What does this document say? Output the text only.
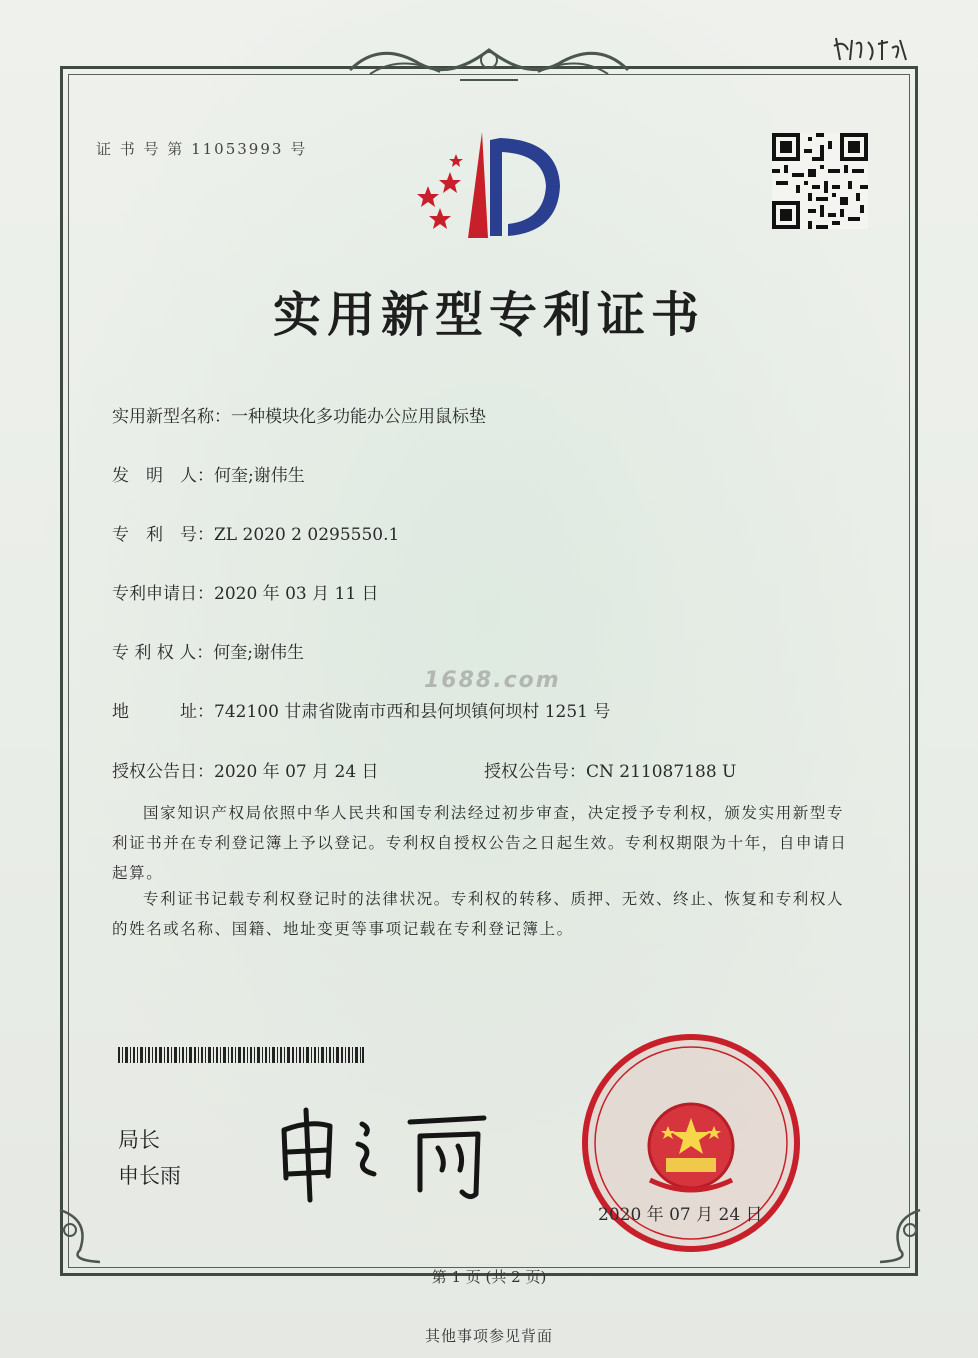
证 书 号 第 11053993 号
实用新型专利证书
实用新型名称：一种模块化多功能办公应用鼠标垫
发　明　人：何奎;谢伟生
专　利　号：ZL 2020 2 0295550.1
专利申请日：2020 年 03 月 11 日
专 利 权 人：何奎;谢伟生
1688.com
地　　　址：742100 甘肃省陇南市西和县何坝镇何坝村 1251 号
授权公告日：2020 年 07 月 24 日	授权公告号：CN 211087188 U
国家知识产权局依照中华人民共和国专利法经过初步审查，决定授予专利权，颁发实用新型专利证书并在专利登记簿上予以登记。专利权自授权公告之日起生效。专利权期限为十年，自申请日起算。
专利证书记载专利权登记时的法律状况。专利权的转移、质押、无效、终止、恢复和专利权人的姓名或名称、国籍、地址变更等事项记载在专利登记簿上。
局长
申长雨
2020 年 07 月 24 日
第 1 页 (共 2 页)
其他事项参见背面
